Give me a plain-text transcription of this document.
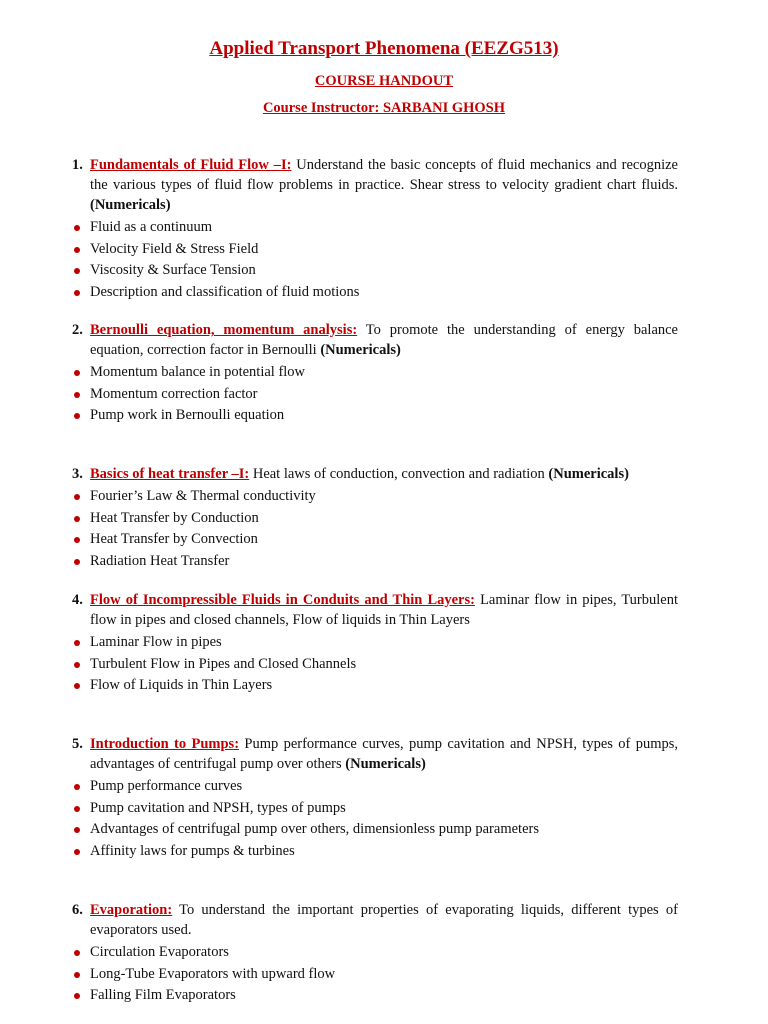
Applied Transport Phenomena (EEZG513)
COURSE HANDOUT
Course Instructor: SARBANI GHOSH

1. Fundamentals of Fluid Flow –I: Understand the basic concepts of fluid mechanics and recognize the various types of fluid flow problems in practice. Shear stress to velocity gradient chart fluids. (Numericals)

Fluid as a continuum
Velocity Field & Stress Field
Viscosity & Surface Tension
Description and classification of fluid motions

2. Bernoulli equation, momentum analysis: To promote the understanding of energy balance equation, correction factor in Bernoulli (Numericals)

Momentum balance in potential flow
Momentum correction factor
Pump work in Bernoulli equation

3. Basics of heat transfer –I: Heat laws of conduction, convection and radiation (Numericals)

Fourier’s Law & Thermal conductivity
Heat Transfer by Conduction
Heat Transfer by Convection
Radiation Heat Transfer

4. Flow of Incompressible Fluids in Conduits and Thin Layers: Laminar flow in pipes, Turbulent flow in pipes and closed channels, Flow of liquids in Thin Layers

Laminar Flow in pipes
Turbulent Flow in Pipes and Closed Channels
Flow of Liquids in Thin Layers

5. Introduction to Pumps: Pump performance curves, pump cavitation and NPSH, types of pumps, advantages of centrifugal pump over others (Numericals)

Pump performance curves
Pump cavitation and NPSH, types of pumps
Advantages of centrifugal pump over others, dimensionless pump parameters
Affinity laws for pumps & turbines

6. Evaporation: To understand the important properties of evaporating liquids, different types of evaporators used.

Circulation Evaporators
Long-Tube Evaporators with upward flow
Falling Film Evaporators
